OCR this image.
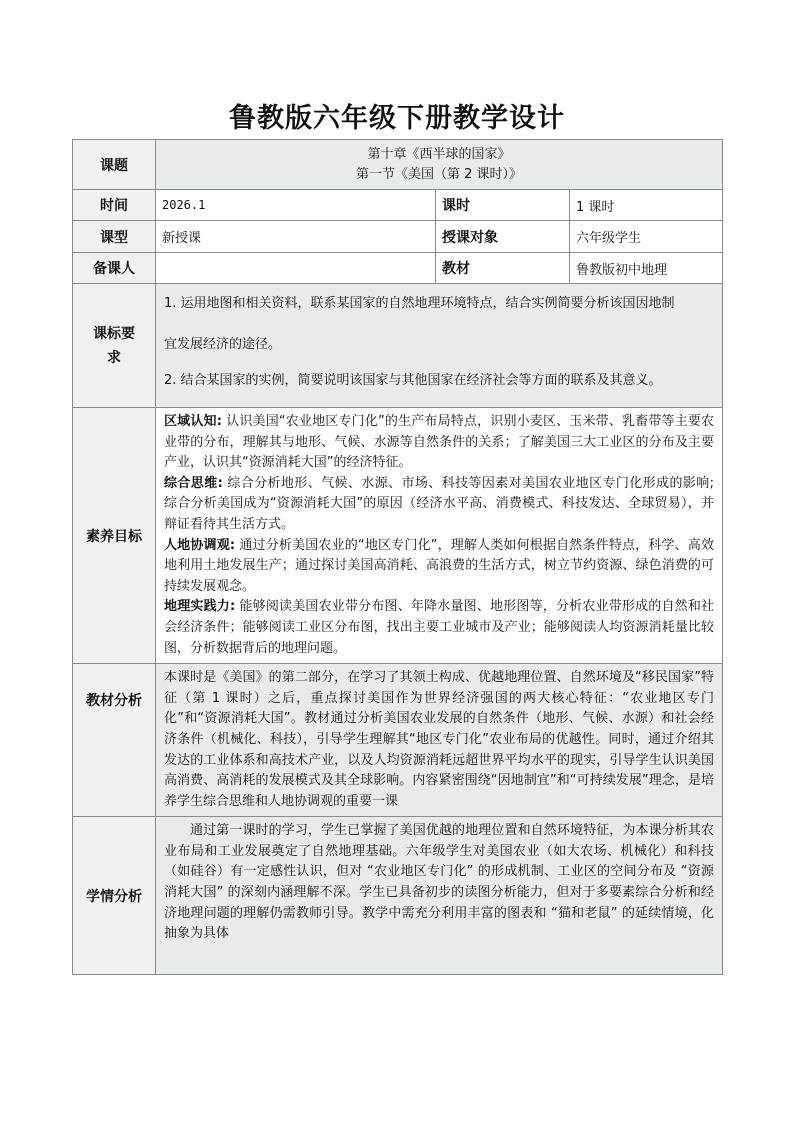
鲁教版六年级下册教学设计
课题	第十章《西半球的国家》
第一节《美国（第 2 课时）》		

时间	2026.1	课时	1 课时
课型	新授课	授课对象	六年级学生
备课人		教材	鲁教版初中地理
课标要求	1. 运用地图和相关资料，联系某国家的自然地理环境特点，结合实例简要分析该国因地制

宜发展经济的途径。

2. 结合某国家的实例，简要说明该国家与其他国家在经济社会等方面的联系及其意义。		

素养目标	区域认知: 认识美国“农业地区专门化”的生产布局特点，识别小麦区、玉米带、乳畜带等主要农业带的分布，理解其与地形、气候、水源等自然条件的关系；了解美国三大工业区的分布及主要产业，认识其“资源消耗大国”的经济特征。

综合思维: 综合分析地形、气候、水源、市场、科技等因素对美国农业地区专门化形成的影响; 综合分析美国成为“资源消耗大国”的原因（经济水平高、消费模式、科技发达、全球贸易），并辩证看待其生活方式。

人地协调观: 通过分析美国农业的“地区专门化”，理解人类如何根据自然条件特点，科学、高效地利用土地发展生产；通过探讨美国高消耗、高浪费的生活方式，树立节约资源、绿色消费的可持续发展观念。

地理实践力: 能够阅读美国农业带分布图、年降水量图、地形图等，分析农业带形成的自然和社会经济条件；能够阅读工业区分布图，找出主要工业城市及产业；能够阅读人均资源消耗量比较图，分析数据背后的地理问题。		

教材分析	本课时是《美国》的第二部分，在学习了其领土构成、优越地理位置、自然环境及“移民国家”特征（第 1 课时）之后，重点探讨美国作为世界经济强国的两大核心特征：“农业地区专门化”和“资源消耗大国”。教材通过分析美国农业发展的自然条件（地形、气候、水源）和社会经济条件（机械化、科技），引导学生理解其“地区专门化”农业布局的优越性。同时，通过介绍其发达的工业体系和高技术产业，以及人均资源消耗远超世界平均水平的现实，引导学生认识美国高消费、高消耗的发展模式及其全球影响。内容紧密围绕“因地制宜”和“可持续发展”理念，是培养学生综合思维和人地协调观的重要一课		

学情分析	通过第一课时的学习，学生已掌握了美国优越的地理位置和自然环境特征，为本课分析其农业布局和工业发展奠定了自然地理基础。六年级学生对美国农业（如大农场、机械化）和科技（如硅谷）有一定感性认识，但对 “农业地区专门化” 的形成机制、工业区的空间分布及 “资源消耗大国” 的深刻内涵理解不深。学生已具备初步的读图分析能力，但对于多要素综合分析和经济地理问题的理解仍需教师引导。教学中需充分利用丰富的图表和 “猫和老鼠” 的延续情境，化抽象为具体		
